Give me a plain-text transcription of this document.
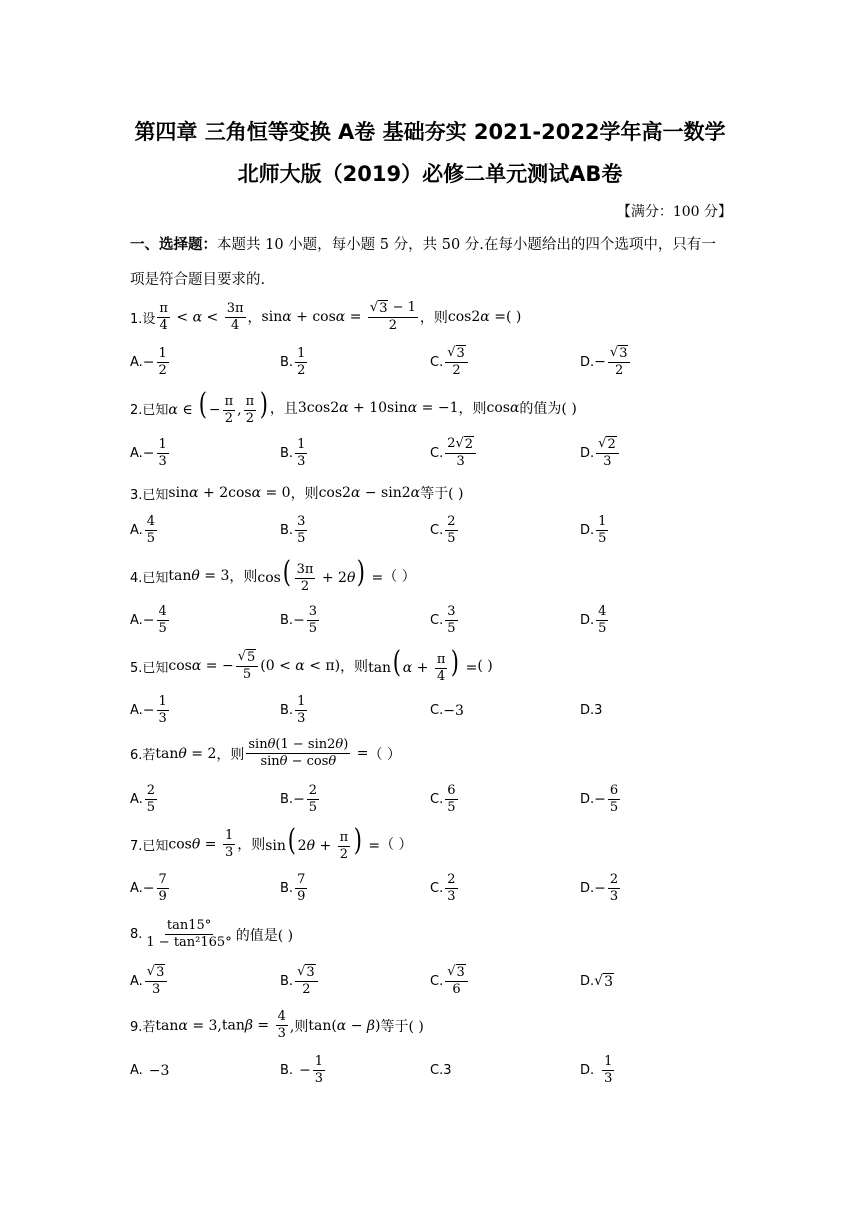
第四章 三角恒等变换 A卷 基础夯实 2021-2022学年高一数学
北师大版（2019）必修二单元测试AB卷
【满分：100 分】
一、选择题：本题共 10 小题，每小题 5 分，共 50 分.在每小题给出的四个选项中，只有一项是符合题目要求的.
1.设 $\frac{\pi}{4} < \alpha < \frac{3\pi}{4}$ ， $\sin\alpha + \cos\alpha = \frac{√ 3 - 1}{2}$ ，则 cos2α = ( )
A. − $\frac{1}{2}$	B. $\frac{1}{2}$	C. $\frac{√ 3}{2}$	D. − $\frac{√ 3}{2}$
2.已知 α ∈ ( − $\frac{\pi}{2}$ , $\frac{\pi}{2}$ ) ，且 3cos2α + 10sinα = −1 ，则 cosα 的值为( )
A. − $\frac{1}{3}$	B. $\frac{1}{3}$	C. $\frac{2√ 2}{3}$	D. $\frac{√ 2}{3}$
3.已知 sinα + 2cosα = 0 ，则 cos2α − sin2α 等于( )
A. $\frac{4}{5}$	B. $\frac{3}{5}$	C. $\frac{2}{5}$	D. $\frac{1}{5}$
4.已知 tanθ = 3 ，则 $\cos( \frac{3\pi}{2} + 2\theta)$ = （ ）
A. − $\frac{4}{5}$	B. − $\frac{3}{5}$	C. $\frac{3}{5}$	D. $\frac{4}{5}$
5.已知 cosα = − $\frac{√ 5}{5} (0 < \alpha < \pi)$ ，则 tan( $\alpha + \frac{\pi}{4}$ ) = ( )
A. − $\frac{1}{3}$	B. $\frac{1}{3}$	C. −3	D.3
6.若 tanθ = 2 ，则 $\frac{\sin\theta(1 - \sin 2\theta)}{\sin\theta - \cos\theta}$ = （ ）
A. $\frac{2}{5}$	B. − $\frac{2}{5}$	C. $\frac{6}{5}$	D. − $\frac{6}{5}$
7.已知 $\cos\theta = \frac{1}{3}$ ，则 sin( $2\theta + \frac{\pi}{2}$ ) = （ ）
A. − $\frac{7}{9}$	B. $\frac{7}{9}$	C. $\frac{2}{3}$	D. − $\frac{2}{3}$
8. $\frac{\tan 15^\circ}{\text{1 − tan²165°}}$ 的值是( )
A. $\frac{√ 3}{3}$	B. $\frac{√ 3}{2}$	C. $\frac{√ 3}{6}$	D. √ 3
9.若 tanα = 3 , $\tan\beta = \frac{4}{3}$ ,则 tan(α − β) 等于( )
A. −3	B. − $\frac{1}{3}$	C.3	D. $\frac{1}{3}$
